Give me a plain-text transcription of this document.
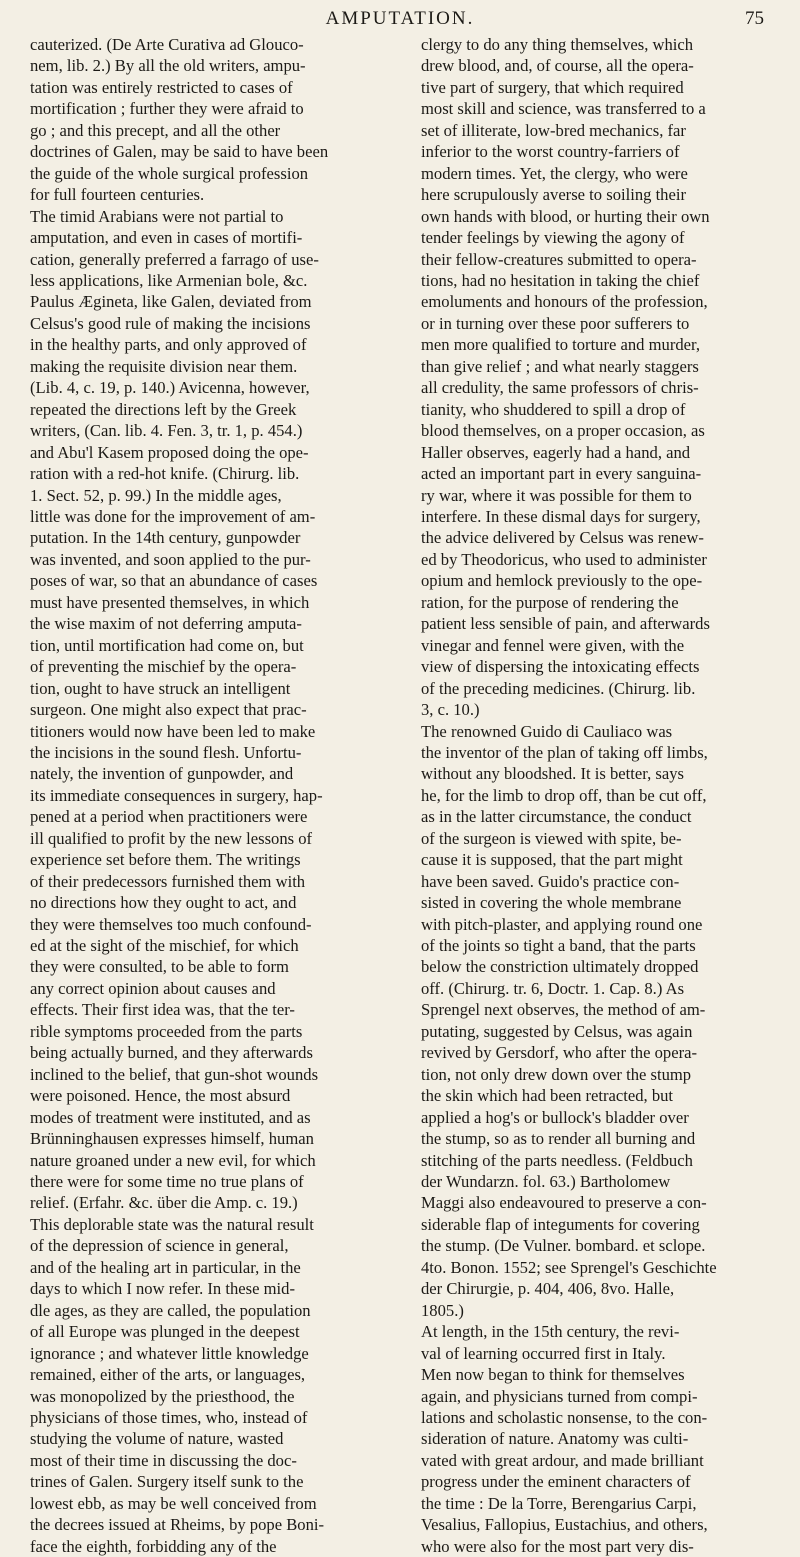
AMPUTATION.	75
cauterized. (De Arte Curativa ad Glouco-
nem, lib. 2.) By all the old writers, ampu-
tation was entirely restricted to cases of
mortification ; further they were afraid to
go ; and this precept, and all the other
doctrines of Galen, may be said to have been
the guide of the whole surgical profession
for full fourteen centuries.
The timid Arabians were not partial to
amputation, and even in cases of mortifi-
cation, generally preferred a farrago of use-
less applications, like Armenian bole, &c.
Paulus Ægineta, like Galen, deviated from
Celsus's good rule of making the incisions
in the healthy parts, and only approved of
making the requisite division near them.
(Lib. 4, c. 19, p. 140.) Avicenna, however,
repeated the directions left by the Greek
writers, (Can. lib. 4. Fen. 3, tr. 1, p. 454.)
and Abu'l Kasem proposed doing the ope-
ration with a red-hot knife. (Chirurg. lib.
1. Sect. 52, p. 99.) In the middle ages,
little was done for the improvement of am-
putation. In the 14th century, gunpowder
was invented, and soon applied to the pur-
poses of war, so that an abundance of cases
must have presented themselves, in which
the wise maxim of not deferring amputa-
tion, until mortification had come on, but
of preventing the mischief by the opera-
tion, ought to have struck an intelligent
surgeon. One might also expect that prac-
titioners would now have been led to make
the incisions in the sound flesh. Unfortu-
nately, the invention of gunpowder, and
its immediate consequences in surgery, hap-
pened at a period when practitioners were
ill qualified to profit by the new lessons of
experience set before them. The writings
of their predecessors furnished them with
no directions how they ought to act, and
they were themselves too much confound-
ed at the sight of the mischief, for which
they were consulted, to be able to form
any correct opinion about causes and
effects. Their first idea was, that the ter-
rible symptoms proceeded from the parts
being actually burned, and they afterwards
inclined to the belief, that gun-shot wounds
were poisoned. Hence, the most absurd
modes of treatment were instituted, and as
Brünninghausen expresses himself, human
nature groaned under a new evil, for which
there were for some time no true plans of
relief. (Erfahr. &c. über die Amp. c. 19.)
This deplorable state was the natural result
of the depression of science in general,
and of the healing art in particular, in the
days to which I now refer. In these mid-
dle ages, as they are called, the population
of all Europe was plunged in the deepest
ignorance ; and whatever little knowledge
remained, either of the arts, or languages,
was monopolized by the priesthood, the
physicians of those times, who, instead of
studying the volume of nature, wasted
most of their time in discussing the doc-
trines of Galen. Surgery itself sunk to the
lowest ebb, as may be well conceived from
the decrees issued at Rheims, by pope Boni-
face the eighth, forbidding any of the
clergy to do any thing themselves, which
drew blood, and, of course, all the opera-
tive part of surgery, that which required
most skill and science, was transferred to a
set of illiterate, low-bred mechanics, far
inferior to the worst country-farriers of
modern times. Yet, the clergy, who were
here scrupulously averse to soiling their
own hands with blood, or hurting their own
tender feelings by viewing the agony of
their fellow-creatures submitted to opera-
tions, had no hesitation in taking the chief
emoluments and honours of the profession,
or in turning over these poor sufferers to
men more qualified to torture and murder,
than give relief ; and what nearly staggers
all credulity, the same professors of chris-
tianity, who shuddered to spill a drop of
blood themselves, on a proper occasion, as
Haller observes, eagerly had a hand, and
acted an important part in every sanguina-
ry war, where it was possible for them to
interfere. In these dismal days for surgery,
the advice delivered by Celsus was renew-
ed by Theodoricus, who used to administer
opium and hemlock previously to the ope-
ration, for the purpose of rendering the
patient less sensible of pain, and afterwards
vinegar and fennel were given, with the
view of dispersing the intoxicating effects
of the preceding medicines. (Chirurg. lib.
3, c. 10.)
The renowned Guido di Cauliaco was
the inventor of the plan of taking off limbs,
without any bloodshed. It is better, says
he, for the limb to drop off, than be cut off,
as in the latter circumstance, the conduct
of the surgeon is viewed with spite, be-
cause it is supposed, that the part might
have been saved. Guido's practice con-
sisted in covering the whole membrane
with pitch-plaster, and applying round one
of the joints so tight a band, that the parts
below the constriction ultimately dropped
off. (Chirurg. tr. 6, Doctr. 1. Cap. 8.) As
Sprengel next observes, the method of am-
putating, suggested by Celsus, was again
revived by Gersdorf, who after the opera-
tion, not only drew down over the stump
the skin which had been retracted, but
applied a hog's or bullock's bladder over
the stump, so as to render all burning and
stitching of the parts needless. (Feldbuch
der Wundarzn. fol. 63.) Bartholomew
Maggi also endeavoured to preserve a con-
siderable flap of integuments for covering
the stump. (De Vulner. bombard. et sclope.
4to. Bonon. 1552; see Sprengel's Geschichte
der Chirurgie, p. 404, 406, 8vo. Halle,
1805.)
At length, in the 15th century, the revi-
val of learning occurred first in Italy.
Men now began to think for themselves
again, and physicians turned from compi-
lations and scholastic nonsense, to the con-
sideration of nature. Anatomy was culti-
vated with great ardour, and made brilliant
progress under the eminent characters of
the time : De la Torre, Berengarius Carpi,
Vesalius, Fallopius, Eustachius, and others,
who were also for the most part very dis-
